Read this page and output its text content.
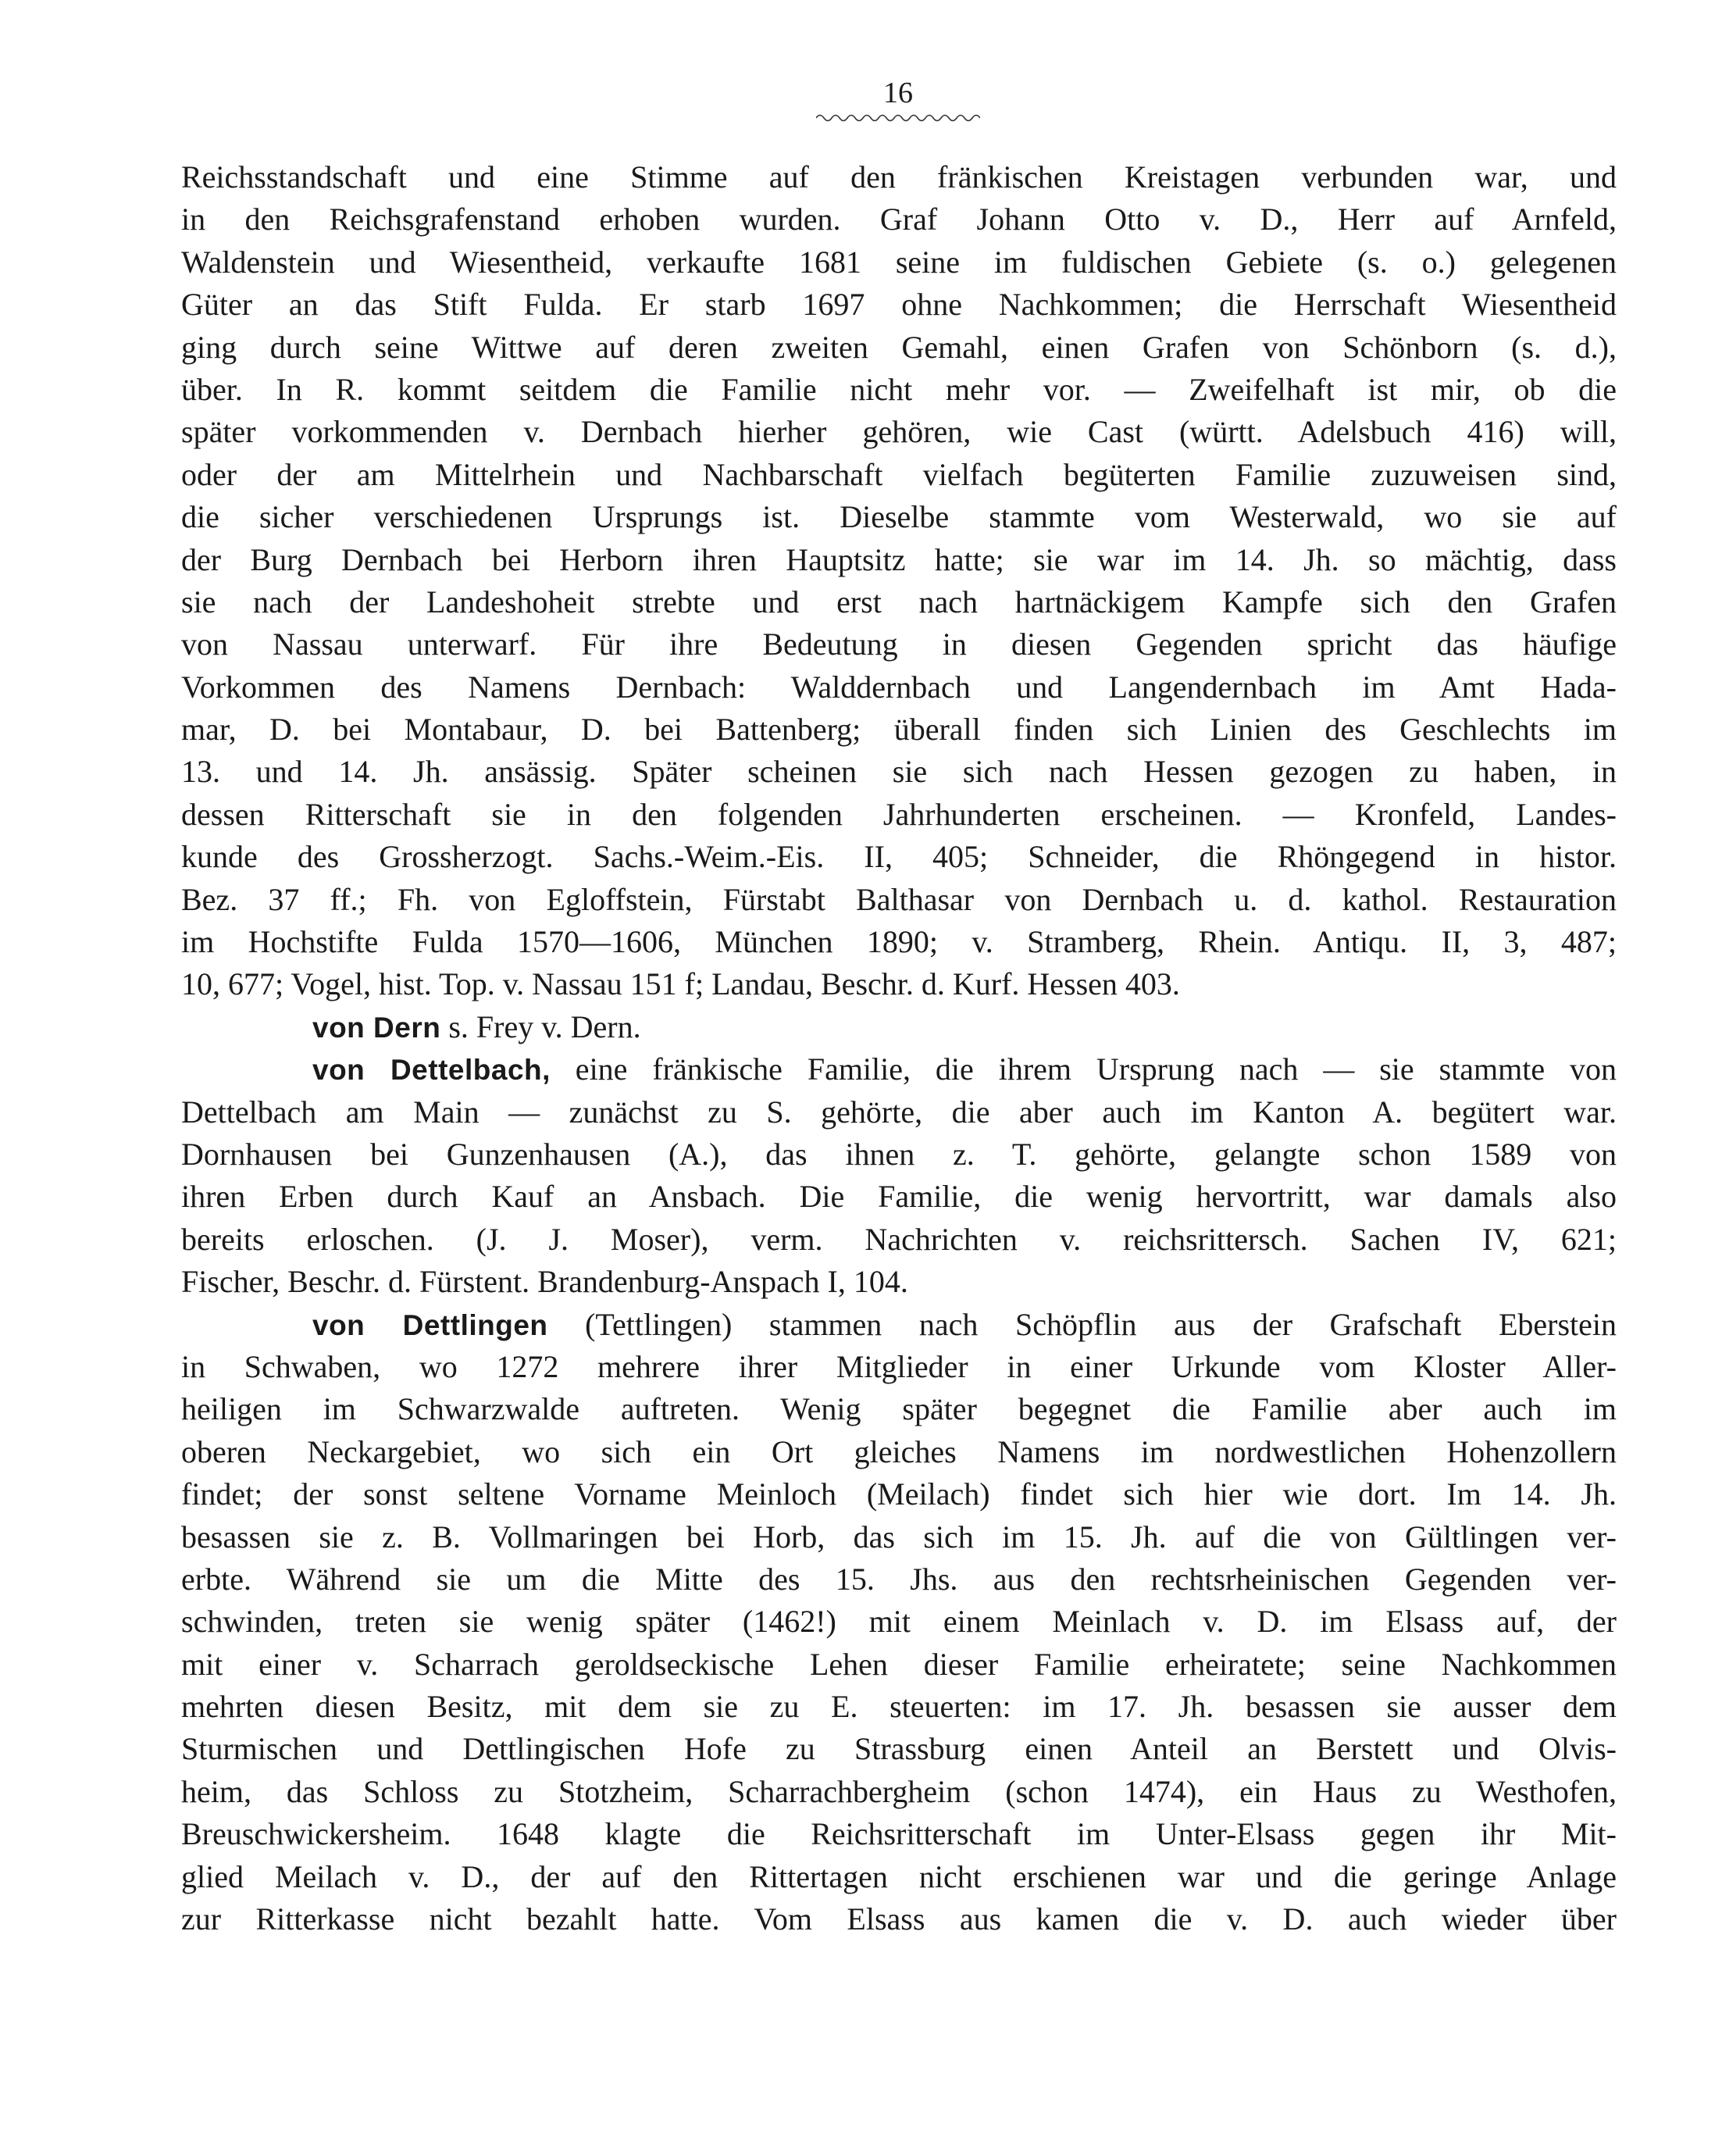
16
Reichsstandschaft und eine Stimme auf den fränkischen Kreistagen verbunden war, und
in den Reichsgrafenstand erhoben wurden. Graf Johann Otto v. D., Herr auf Arnfeld,
Waldenstein und Wiesentheid, verkaufte 1681 seine im fuldischen Gebiete (s. o.) gelegenen
Güter an das Stift Fulda. Er starb 1697 ohne Nachkommen; die Herrschaft Wiesentheid
ging durch seine Wittwe auf deren zweiten Gemahl, einen Grafen von Schönborn (s. d.),
über. In R. kommt seitdem die Familie nicht mehr vor. — Zweifelhaft ist mir, ob die
später vorkommenden v. Dernbach hierher gehören, wie Cast (württ. Adelsbuch 416) will,
oder der am Mittelrhein und Nachbarschaft vielfach begüterten Familie zuzuweisen sind,
die sicher verschiedenen Ursprungs ist. Dieselbe stammte vom Westerwald, wo sie auf
der Burg Dernbach bei Herborn ihren Hauptsitz hatte; sie war im 14. Jh. so mächtig, dass
sie nach der Landeshoheit strebte und erst nach hartnäckigem Kampfe sich den Grafen
von Nassau unterwarf. Für ihre Bedeutung in diesen Gegenden spricht das häufige
Vorkommen des Namens Dernbach: Walddernbach und Langendernbach im Amt Hada-
mar, D. bei Montabaur, D. bei Battenberg; überall finden sich Linien des Geschlechts im
13. und 14. Jh. ansässig. Später scheinen sie sich nach Hessen gezogen zu haben, in
dessen Ritterschaft sie in den folgenden Jahrhunderten erscheinen. — Kronfeld, Landes-
kunde des Grossherzogt. Sachs.-Weim.-Eis. II, 405; Schneider, die Rhöngegend in histor.
Bez. 37 ff.; Fh. von Egloffstein, Fürstabt Balthasar von Dernbach u. d. kathol. Restauration
im Hochstifte Fulda 1570—1606, München 1890; v. Stramberg, Rhein. Antiqu. II, 3, 487;
10, 677; Vogel, hist. Top. v. Nassau 151 f; Landau, Beschr. d. Kurf. Hessen 403.
von Dern s. Frey v. Dern.
von Dettelbach, eine fränkische Familie, die ihrem Ursprung nach — sie stammte von
Dettelbach am Main — zunächst zu S. gehörte, die aber auch im Kanton A. begütert war.
Dornhausen bei Gunzenhausen (A.), das ihnen z. T. gehörte, gelangte schon 1589 von
ihren Erben durch Kauf an Ansbach. Die Familie, die wenig hervortritt, war damals also
bereits erloschen. (J. J. Moser), verm. Nachrichten v. reichsrittersch. Sachen IV, 621;
Fischer, Beschr. d. Fürstent. Brandenburg-Anspach I, 104.
von Dettlingen (Tettlingen) stammen nach Schöpflin aus der Grafschaft Eberstein
in Schwaben, wo 1272 mehrere ihrer Mitglieder in einer Urkunde vom Kloster Aller-
heiligen im Schwarzwalde auftreten. Wenig später begegnet die Familie aber auch im
oberen Neckargebiet, wo sich ein Ort gleiches Namens im nordwestlichen Hohenzollern
findet; der sonst seltene Vorname Meinloch (Meilach) findet sich hier wie dort. Im 14. Jh.
besassen sie z. B. Vollmaringen bei Horb, das sich im 15. Jh. auf die von Gültlingen ver-
erbte. Während sie um die Mitte des 15. Jhs. aus den rechtsrheinischen Gegenden ver-
schwinden, treten sie wenig später (1462!) mit einem Meinlach v. D. im Elsass auf, der
mit einer v. Scharrach geroldseckische Lehen dieser Familie erheiratete; seine Nachkommen
mehrten diesen Besitz, mit dem sie zu E. steuerten: im 17. Jh. besassen sie ausser dem
Sturmischen und Dettlingischen Hofe zu Strassburg einen Anteil an Berstett und Olvis-
heim, das Schloss zu Stotzheim, Scharrachbergheim (schon 1474), ein Haus zu Westhofen,
Breuschwickersheim. 1648 klagte die Reichsritterschaft im Unter-Elsass gegen ihr Mit-
glied Meilach v. D., der auf den Rittertagen nicht erschienen war und die geringe Anlage
zur Ritterkasse nicht bezahlt hatte. Vom Elsass aus kamen die v. D. auch wieder über
